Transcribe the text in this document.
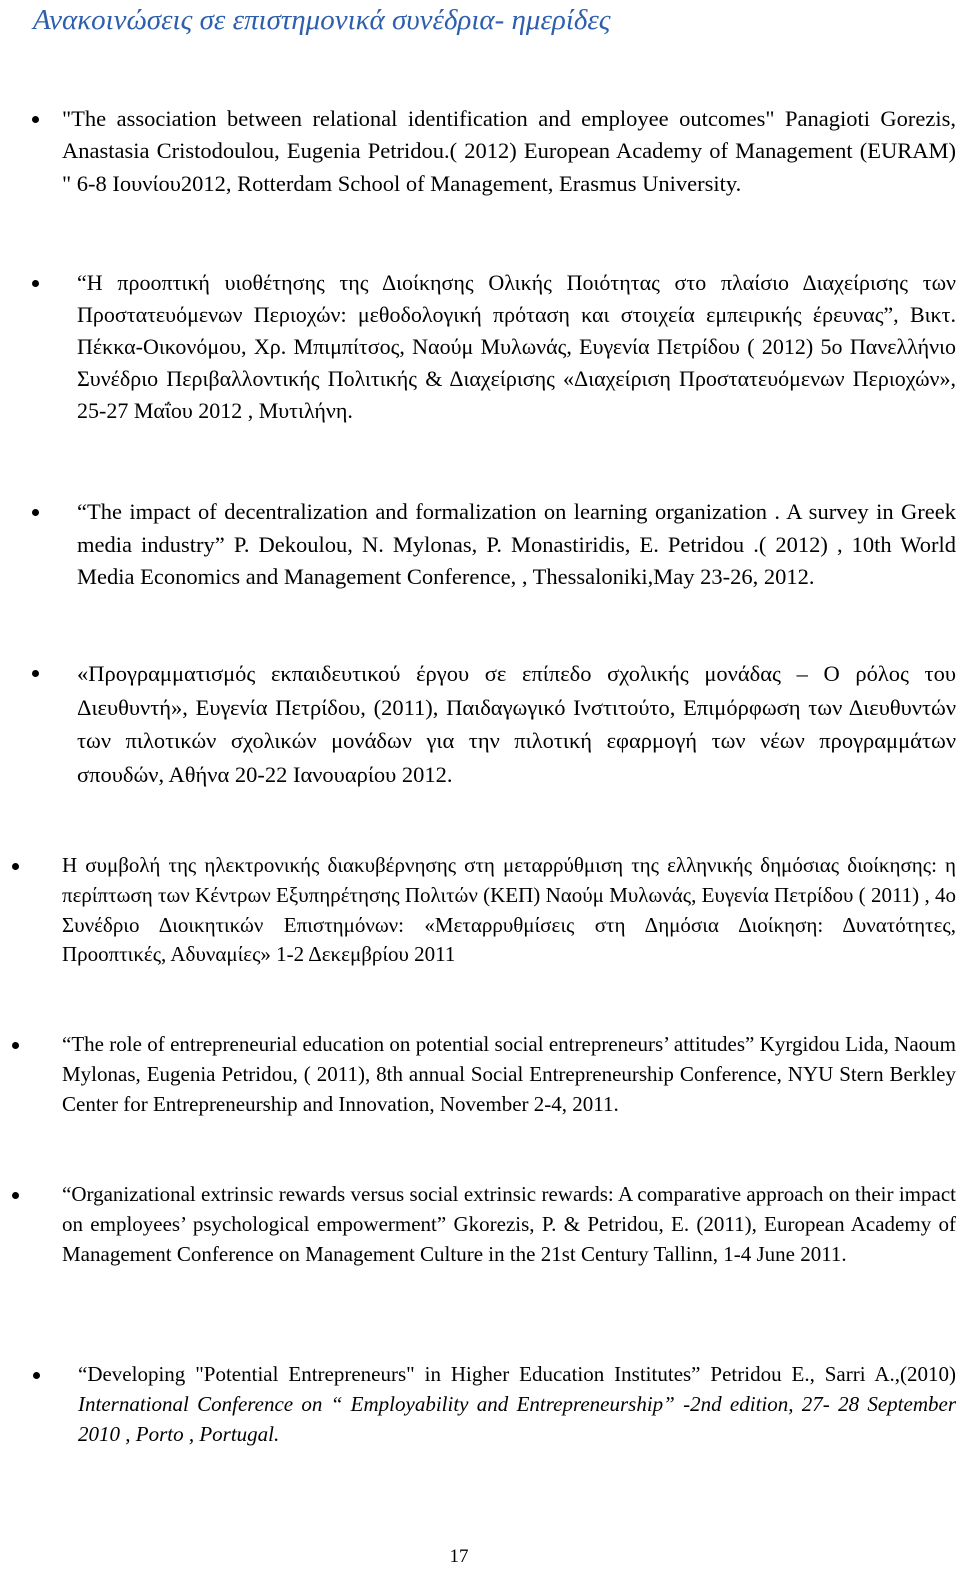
Ανακοινώσεις σε επιστημονικά συνέδρια- ημερίδες
"The association between relational identification and employee outcomes" Panagioti Gorezis, Anastasia Cristodoulou, Eugenia Petridou.( 2012) European Academy of Management (EURAM) " 6-8 Ιουνίου2012, Rotterdam School of Management, Erasmus University.
“Η προοπτική υιοθέτησης της Διοίκησης Ολικής Ποιότητας στο πλαίσιο Διαχείρισης των Προστατευόμενων Περιοχών: μεθοδολογική πρόταση και στοιχεία εμπειρικής έρευνας”, Βικτ. Πέκκα-Οικονόμου, Χρ. Μπιμπίτσος, Ναούμ Μυλωνάς, Ευγενία Πετρίδου ( 2012) 5ο Πανελλήνιο Συνέδριο Περιβαλλοντικής Πολιτικής & Διαχείρισης «Διαχείριση Προστατευόμενων Περιοχών», 25-27 Μαΐου 2012 , Μυτιλήνη.
“The impact of decentralization and formalization on learning organization . A survey in Greek media industry” P. Dekoulou, N. Mylonas, P. Monastiridis, E. Petridou .( 2012) , 10th World Media Economics and Management Conference, , Thessaloniki,May 23-26, 2012.
«Προγραμματισμός εκπαιδευτικού έργου σε επίπεδο σχολικής μονάδας – Ο ρόλος του Διευθυντή», Ευγενία Πετρίδου, (2011), Παιδαγωγικό Ινστιτούτο, Επιμόρφωση των Διευθυντών των πιλοτικών σχολικών μονάδων για την πιλοτική εφαρμογή των νέων προγραμμάτων σπουδών, Αθήνα 20-22 Ιανουαρίου 2012.
Η συμβολή της ηλεκτρονικής διακυβέρνησης στη μεταρρύθμιση της ελληνικής δημόσιας διοίκησης: η περίπτωση των Κέντρων Εξυπηρέτησης Πολιτών (ΚΕΠ) Ναούμ Μυλωνάς, Ευγενία Πετρίδου ( 2011) , 4ο Συνέδριο Διοικητικών Επιστημόνων: «Μεταρρυθμίσεις στη Δημόσια Διοίκηση: Δυνατότητες, Προοπτικές, Αδυναμίες» 1-2 Δεκεμβρίου 2011
“The role of entrepreneurial education on potential social entrepreneurs’ attitudes” Kyrgidou Lida, Naoum Mylonas, Eugenia Petridou, ( 2011), 8th annual Social Entrepreneurship Conference, NYU Stern Berkley Center for Entrepreneurship and Innovation, November 2-4, 2011.
“Organizational extrinsic rewards versus social extrinsic rewards: A comparative approach on their impact on employees’ psychological empowerment” Gkorezis, P. & Petridou, E. (2011), European Academy of Management Conference on Management Culture in the 21st Century Tallinn, 1-4 June 2011.
“Developing "Potential Entrepreneurs" in Higher Education Institutes” Petridou E., Sarri A.,(2010) International Conference on “ Employability and Entrepreneurship” -2nd edition, 27- 28 September 2010 , Porto , Portugal.
17
